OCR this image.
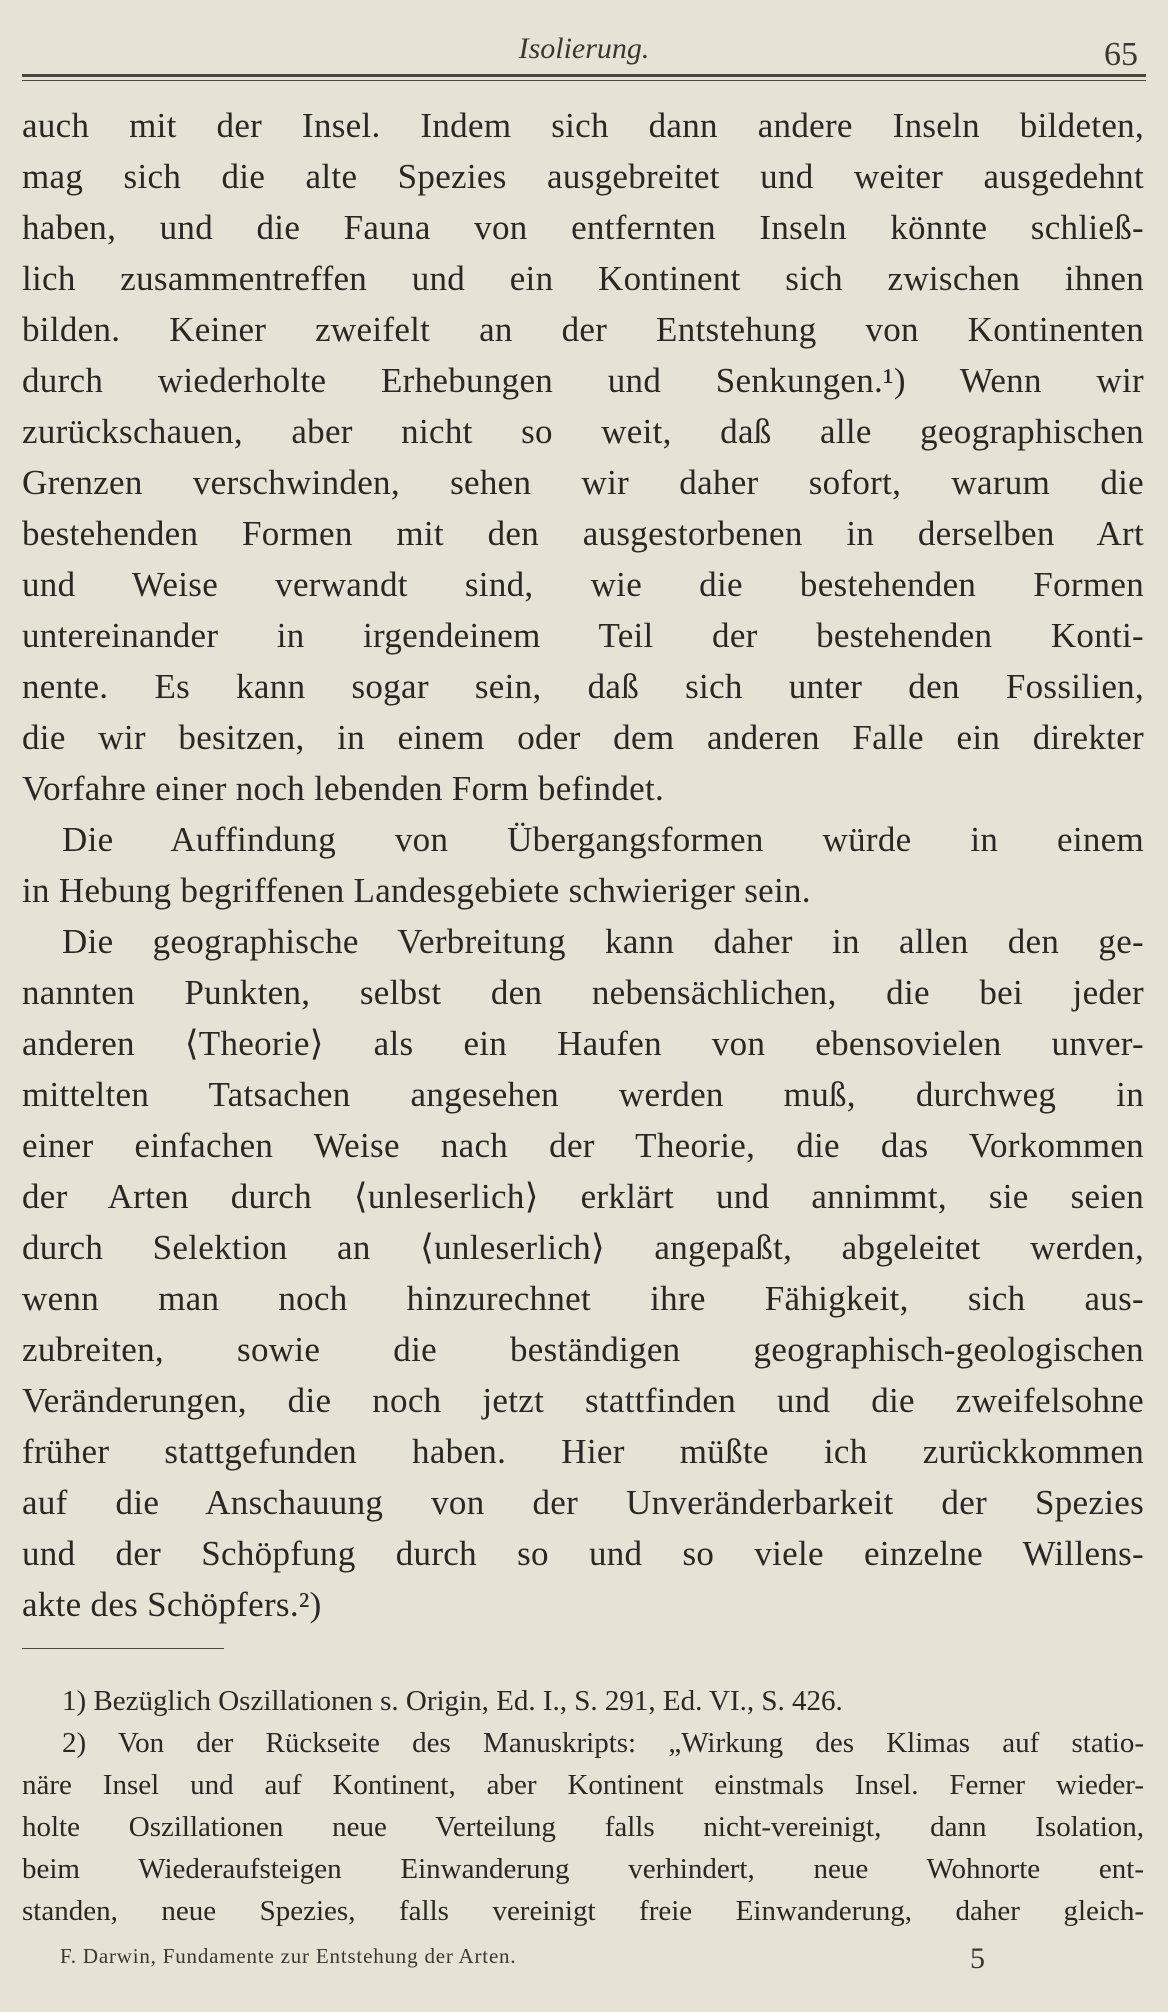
Isolierung.	65
auch mit der Insel. Indem sich dann andere Inseln bildeten,
mag sich die alte Spezies ausgebreitet und weiter ausgedehnt
haben, und die Fauna von entfernten Inseln könnte schließ-
lich zusammentreffen und ein Kontinent sich zwischen ihnen
bilden. Keiner zweifelt an der Entstehung von Kontinenten
durch wiederholte Erhebungen und Senkungen.¹) Wenn wir
zurückschauen, aber nicht so weit, daß alle geographischen
Grenzen verschwinden, sehen wir daher sofort, warum die
bestehenden Formen mit den ausgestorbenen in derselben Art
und Weise verwandt sind, wie die bestehenden Formen
untereinander in irgendeinem Teil der bestehenden Konti-
nente. Es kann sogar sein, daß sich unter den Fossilien,
die wir besitzen, in einem oder dem anderen Falle ein direkter
Vorfahre einer noch lebenden Form befindet.
Die Auffindung von Übergangsformen würde in einem
in Hebung begriffenen Landesgebiete schwieriger sein.
Die geographische Verbreitung kann daher in allen den ge-
nannten Punkten, selbst den nebensächlichen, die bei jeder
anderen ⟨Theorie⟩ als ein Haufen von ebensovielen unver-
mittelten Tatsachen angesehen werden muß, durchweg in
einer einfachen Weise nach der Theorie, die das Vorkommen
der Arten durch ⟨unleserlich⟩ erklärt und annimmt, sie seien
durch Selektion an ⟨unleserlich⟩ angepaßt, abgeleitet werden,
wenn man noch hinzurechnet ihre Fähigkeit, sich aus-
zubreiten, sowie die beständigen geographisch-geologischen
Veränderungen, die noch jetzt stattfinden und die zweifelsohne
früher stattgefunden haben. Hier müßte ich zurückkommen
auf die Anschauung von der Unveränderbarkeit der Spezies
und der Schöpfung durch so und so viele einzelne Willens-
akte des Schöpfers.²)
1) Bezüglich Oszillationen s. Origin, Ed. I., S. 291, Ed. VI., S. 426.
2) Von der Rückseite des Manuskripts: „Wirkung des Klimas auf statio-
näre Insel und auf Kontinent, aber Kontinent einstmals Insel. Ferner wieder-
holte Oszillationen neue Verteilung falls nicht-vereinigt, dann Isolation,
beim Wiederaufsteigen Einwanderung verhindert, neue Wohnorte ent-
standen, neue Spezies, falls vereinigt freie Einwanderung, daher gleich-
F. Darwin, Fundamente zur Entstehung der Arten.	5
